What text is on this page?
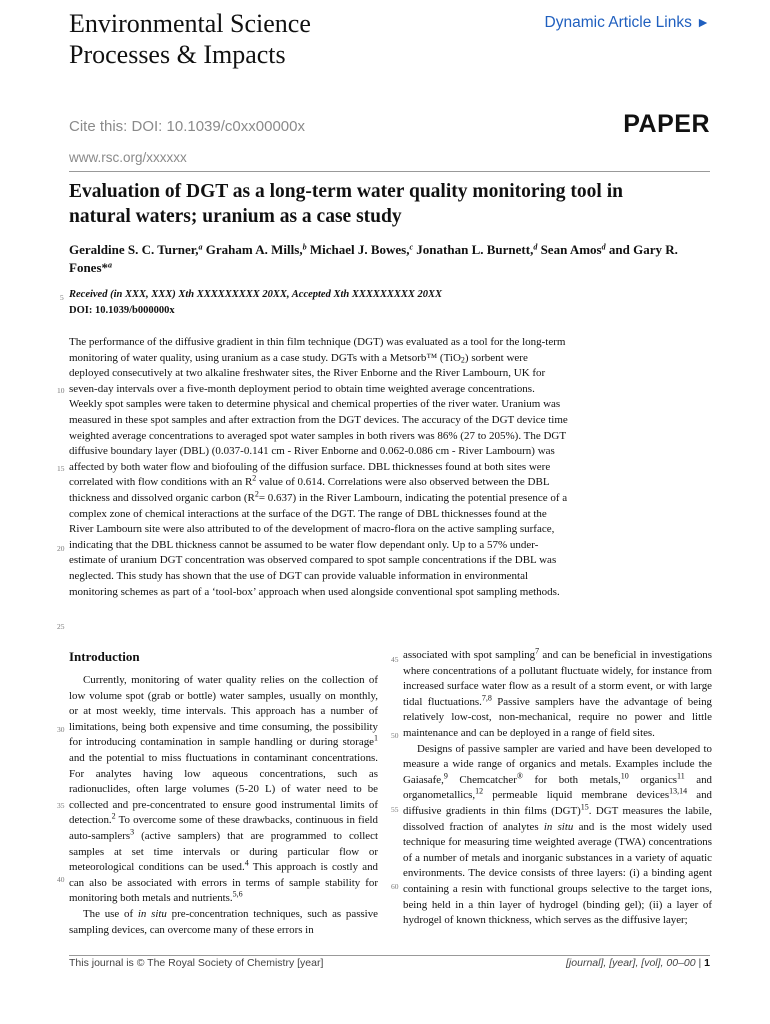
Environmental Science
Processes & Impacts
Dynamic Article Links ►
Cite this: DOI: 10.1039/c0xx00000x	PAPER
www.rsc.org/xxxxxx
Evaluation of DGT as a long-term water quality monitoring tool in natural waters; uranium as a case study
Geraldine S. C. Turner,$^a$ Graham A. Mills,$^b$ Michael J. Bowes,$^c$ Jonathan L. Burnett,$^d$ Sean Amos$^d$ and Gary R. Fones*$^a$
Received (in XXX, XXX) Xth XXXXXXXXX 20XX, Accepted Xth XXXXXXXXX 20XX
DOI: 10.1039/b000000x
5
10
15
20
25
30
35
40
45
50
55
60

The performance of the diffusive gradient in thin film technique (DGT) was evaluated as a tool for the long-term monitoring of water quality, using uranium as a case study. DGTs with a Metsorb™ (TiO$_2$) sorbent were deployed consecutively at two alkaline freshwater sites, the River Enborne and the River Lambourn, UK for seven-day intervals over a five-month deployment period to obtain time weighted average concentrations. Weekly spot samples were taken to determine physical and chemical properties of the river water. Uranium was measured in these spot samples and after extraction from the DGT devices. The accuracy of the DGT device time weighted average concentrations to averaged spot water samples in both rivers was 86% (27 to 205%). The DGT diffusive boundary layer (DBL) (0.037-0.141 cm - River Enborne and 0.062-0.086 cm - River Lambourn) was affected by both water flow and biofouling of the diffusion surface. DBL thicknesses found at both sites were correlated with flow conditions with an $R^2$ value of 0.614. Correlations were also observed between the DBL thickness and dissolved organic carbon $(R^2= 0.637)$ in the River Lambourn, indicating the potential presence of a complex zone of chemical interactions at the surface of the DGT. The range of DBL thicknesses found at the River Lambourn site were also attributed to of the development of macro-flora on the active sampling surface, indicating that the DBL thickness cannot be assumed to be water flow dependant only. Up to a 57% under-estimate of uranium DGT concentration was observed compared to spot sample concentrations if the DBL was neglected. This study has shown that the use of DGT can provide valuable information in environmental monitoring schemes as part of a ‘tool-box’ approach when used alongside conventional spot sampling methods.

Introduction

Currently, monitoring of water quality relies on the collection of low volume spot (grab or bottle) water samples, usually on monthly, or at most weekly, time intervals. This approach has a number of limitations, being both expensive and time consuming, the possibility for introducing contamination in sample handling or during storage$^1$ and the potential to miss fluctuations in contaminant concentrations. For analytes having low aqueous concentrations, such as radionuclides, often large volumes (5-20 L) of water need to be collected and pre-concentrated to ensure good instrumental limits of detection.$^2$ To overcome some of these drawbacks, continuous in field auto-samplers$^3$ (active samplers) that are programmed to collect samples at set time intervals or during particular flow or meteorological conditions can be used.$^4$ This approach is costly and can also be associated with errors in terms of sample stability for monitoring both metals and nutrients.$^{5,6}$

The use of in situ pre-concentration techniques, such as passive sampling devices, can overcome many of these errors in

associated with spot sampling$^7$ and can be beneficial in investigations where concentrations of a pollutant fluctuate widely, for instance from increased surface water flow as a result of a storm event, or with large tidal fluctuations.$^{7,8}$ Passive samplers have the advantage of being relatively low-cost, non-mechanical, require no power and little maintenance and can be deployed in a range of field sites.

Designs of passive sampler are varied and have been developed to measure a wide range of organics and metals. Examples include the Gaiasafe,$^9$ Chemcatcher® for both metals,$^{10}$ organics$^{11}$ and organometallics,$^{12}$ permeable liquid membrane devices$^{13,14}$ and diffusive gradients in thin films (DGT)$^{15}$. DGT measures the labile, dissolved fraction of analytes in situ and is the most widely used technique for measuring time weighted average (TWA) concentrations of a number of metals and inorganic substances in a variety of aquatic environments. The device consists of three layers: (i) a binding agent containing a resin with functional groups selective to the target ions, being held in a thin layer of hydrogel (binding gel); (ii) a layer of hydrogel of known thickness, which serves as the diffusive layer;

This journal is © The Royal Society of Chemistry [year]	[journal], [year], [vol], 00–00 | 1
